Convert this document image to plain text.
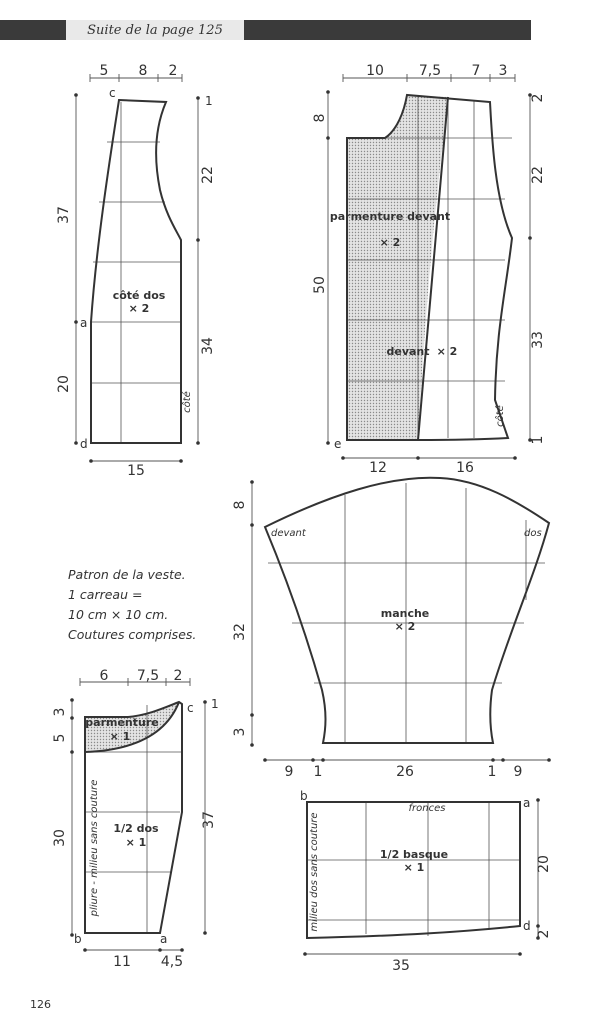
Suite de la page 125
Patron de la veste.
1 carreau =
10 cm × 10 cm.
Coutures comprises.
126
5 8 2
37
20
1
22
34
c
a
d
côté dos
× 2
côté
15
10 7,5 7 3
8
50
2
22
33
1
e
parmenture devant
× 2
devant × 2
côté
12	16
8
32
3
devant	dos
manche
× 2
9 1	26	1 9
6 7,5 2
3
5
30
1
37
c
a
b
parmenture
× 1
1/2 dos
× 1
pliure - milieu sans couture
11 4,5
b	a
d
fronces
1/2 basque
× 1
milieu dos sans couture	20
2
35
